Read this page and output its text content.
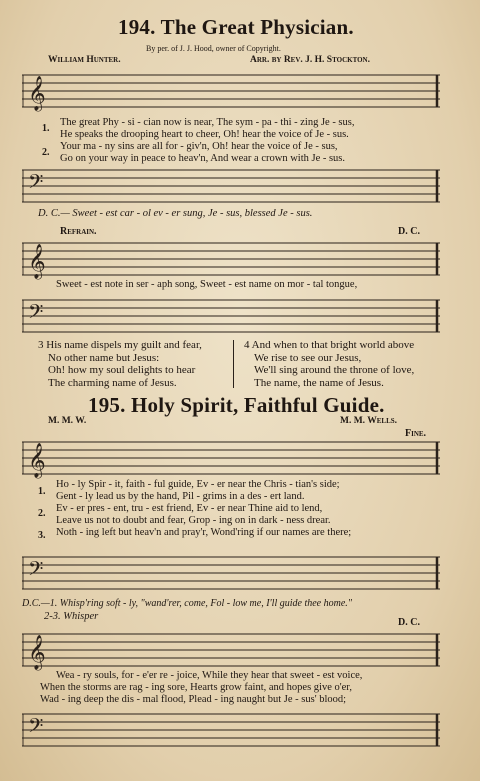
194. The Great Physician.
By per. of J. J. Hood, owner of Copyright.
William Hunter.	Arr. by Rev. J. H. Stockton.
𝄞
1.
2.
The great Phy - si - cian now is near, The sym - pa - thi - zing Je - sus,
He speaks the drooping heart to cheer, Oh! hear the voice of Je - sus.
Your ma - ny sins are all for - giv'n, Oh! hear the voice of Je - sus,
Go on your way in peace to heav'n, And wear a crown with Je - sus.
𝄢
D. C.— Sweet - est car - ol ev - er sung, Je - sus, blessed Je - sus.
Refrain.	D. C.
𝄞
Sweet - est note in ser - aph song, Sweet - est name on mor - tal tongue,
𝄢
3 His name dispels my guilt and fear,
No other name but Jesus:
Oh! how my soul delights to hear
The charming name of Jesus.
4 And when to that bright world above
We rise to see our Jesus,
We'll sing around the throne of love,
The name, the name of Jesus.
195. Holy Spirit, Faithful Guide.
M. M. W.	M. M. Wells.
Fine.
𝄞
1.
2.
3.
Ho - ly Spir - it, faith - ful guide, Ev - er near the Chris - tian's side;
Gent - ly lead us by the hand, Pil - grims in a des - ert land.
Ev - er pres - ent, tru - est friend, Ev - er near Thine aid to lend,
Leave us not to doubt and fear, Grop - ing on in dark - ness drear.
Noth - ing left but heav'n and pray'r, Wond'ring if our names are there;
𝄢
D.C.—1. Whisp'ring soft - ly, "wand'rer, come, Fol - low me, I'll guide thee home."
2-3. Whisper
D. C.
𝄞
Wea - ry souls, for - e'er re - joice, While they hear that sweet - est voice,
When the storms are rag - ing sore, Hearts grow faint, and hopes give o'er,
Wad - ing deep the dis - mal flood, Plead - ing naught but Je - sus' blood;
𝄢
